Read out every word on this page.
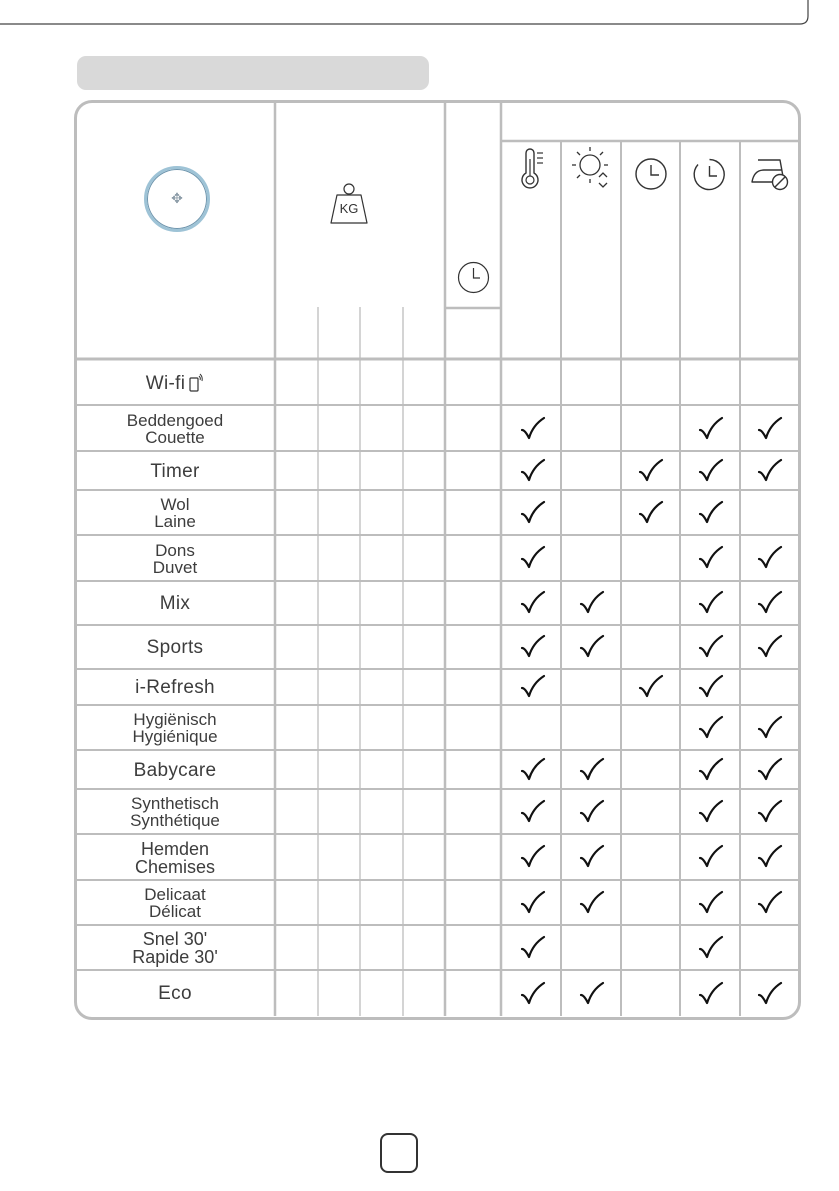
✥
KG
Wi-fi
Beddengoed
Couette
Timer
Wol
Laine
Dons
Duvet
Mix
Sports
i-Refresh
Hygiënisch
Hygiénique
Babycare
Synthetisch
Synthétique
Hemden
Chemises
Delicaat
Délicat
Snel 30'
Rapide 30'
Eco
